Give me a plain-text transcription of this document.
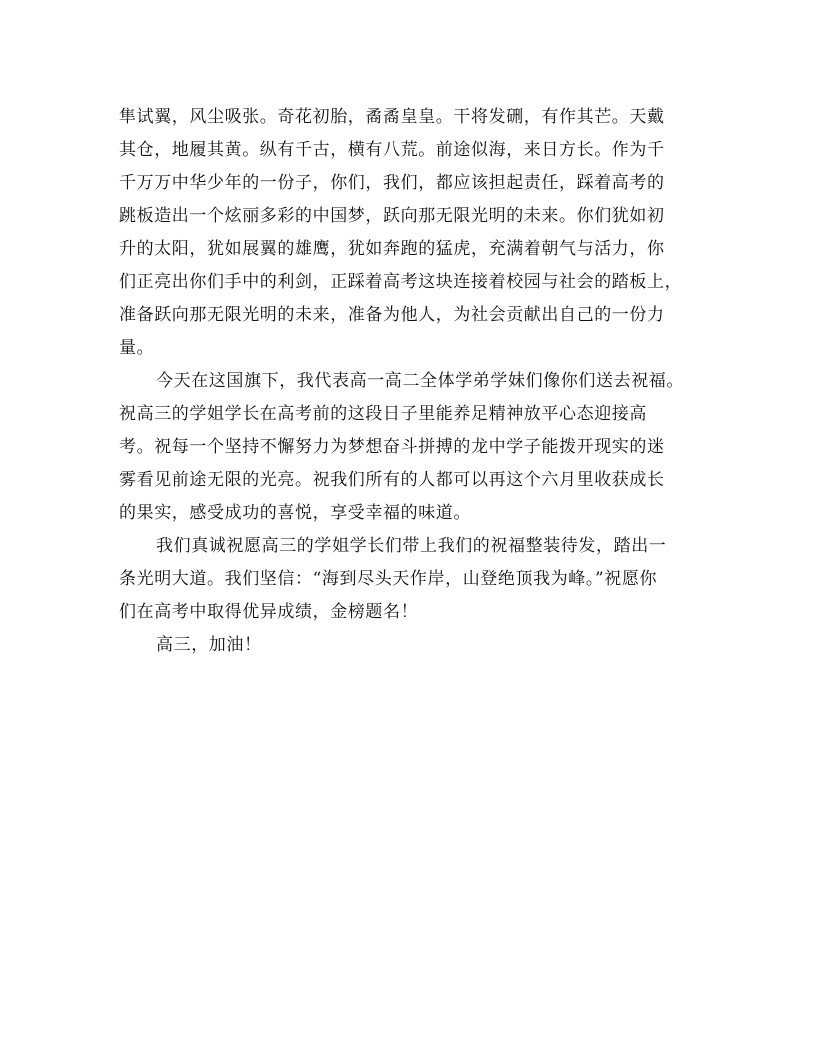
隼试翼，风尘吸张。奇花初胎，矞矞皇皇。干将发硎，有作其芒。天戴
其仓，地履其黄。纵有千古，横有八荒。前途似海，来日方长。作为千
千万万中华少年的一份子，你们，我们，都应该担起责任，踩着高考的
跳板造出一个炫丽多彩的中国梦，跃向那无限光明的未来。你们犹如初
升的太阳，犹如展翼的雄鹰，犹如奔跑的猛虎，充满着朝气与活力，你
们正亮出你们手中的利剑，正踩着高考这块连接着校园与社会的踏板上，
准备跃向那无限光明的未来，准备为他人，为社会贡献出自己的一份力
量。
今天在这国旗下，我代表高一高二全体学弟学妹们像你们送去祝福。
祝高三的学姐学长在高考前的这段日子里能养足精神放平心态迎接高
考。祝每一个坚持不懈努力为梦想奋斗拼搏的龙中学子能拨开现实的迷
雾看见前途无限的光亮。祝我们所有的人都可以再这个六月里收获成长
的果实，感受成功的喜悦，享受幸福的味道。
我们真诚祝愿高三的学姐学长们带上我们的祝福整装待发，踏出一
条光明大道。我们坚信：“海到尽头天作岸，山登绝顶我为峰。”祝愿你
们在高考中取得优异成绩，金榜题名！
高三，加油！
